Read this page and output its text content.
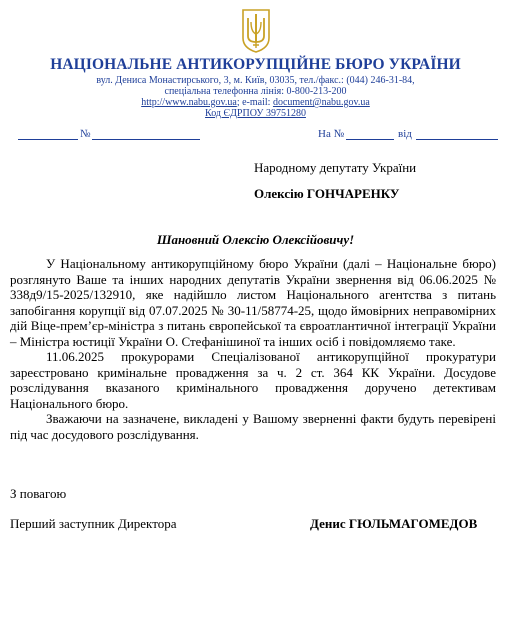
НАЦІОНАЛЬНЕ АНТИКОРУПЦІЙНЕ БЮРО УКРАЇНИ
вул. Дениса Монастирського, 3, м. Київ, 03035, тел./факс.: (044) 246-31-84,
спеціальна телефонна лінія: 0-800-213-200
http://www.nabu.gov.ua; e-mail: document@nabu.gov.ua
Код ЄДРПОУ 39751280
№	На №	від
Народному депутату України
Олексію ГОНЧАРЕНКУ
Шановний Олексію Олексійовичу!

У Національному антикорупційному бюро України (далі – Національне бюро) розглянуто Ваше та інших народних депутатів України звернення від 06.06.2025 № 338д9/15-2025/132910, яке надійшло листом Національного агентства з питань запобігання корупції від 07.07.2025 № 30-11/58774-25, щодо ймовірних неправомірних дій Віце-прем’єр-міністра з питань європейської та євроатлантичної інтеграції України – Міністра юстиції України О. Стефанішиної та інших осіб і повідомляємо таке.

11.06.2025 прокурорами Спеціалізованої антикорупційної прокуратури зареєстровано кримінальне провадження за ч. 2 ст. 364 КК України. Досудове розслідування вказаного кримінального провадження доручено детективам Національного бюро.

Зважаючи на зазначене, викладені у Вашому зверненні факти будуть перевірені під час досудового розслідування.

З повагою
Перший заступник Директора	Денис ГЮЛЬМАГОМЕДОВ
